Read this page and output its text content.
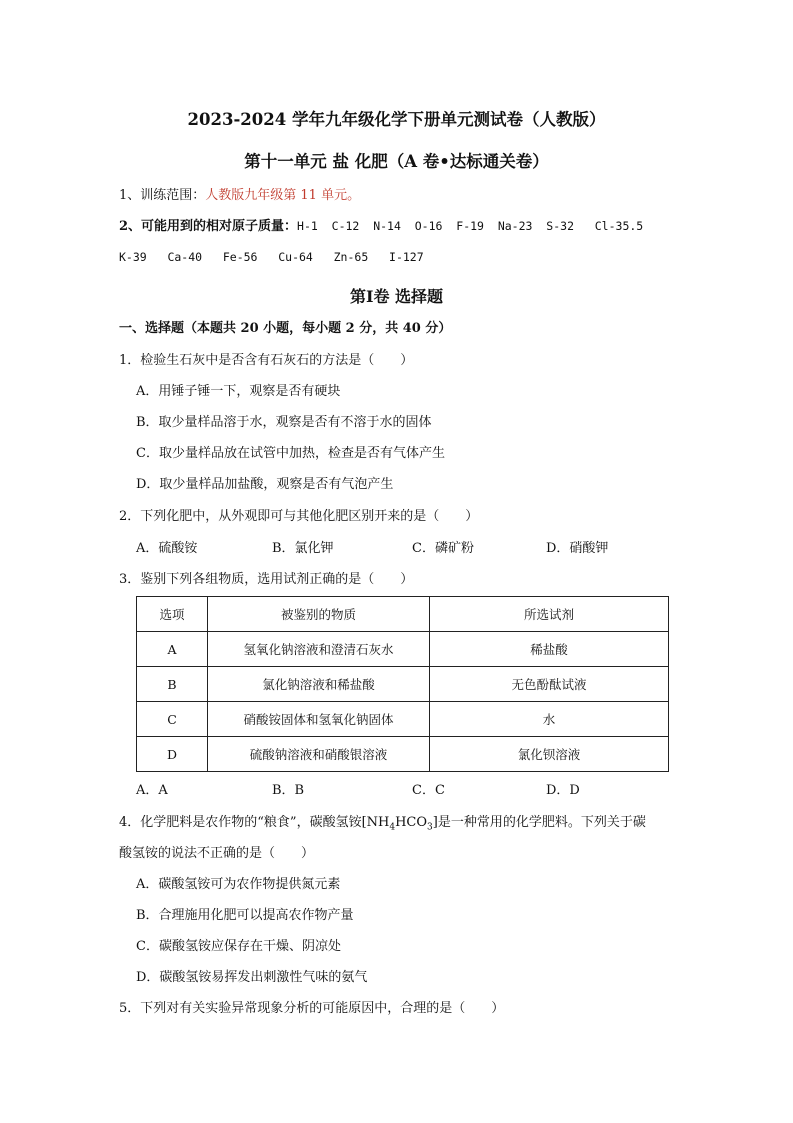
2023-2024 学年九年级化学下册单元测试卷（人教版）
第十一单元 盐 化肥（A 卷•达标通关卷）
1、训练范围：人教版九年级第 11 单元。
2、可能用到的相对原子质量：H-1  C-12  N-14  O-16  F-19  Na-23  S-32   Cl-35.5
K-39   Ca-40   Fe-56   Cu-64   Zn-65   I-127
第Ⅰ卷 选择题
一、选择题（本题共 20 小题，每小题 2 分，共 40 分）
1．检验生石灰中是否含有石灰石的方法是（　　）
A．用锤子锤一下，观察是否有硬块
B．取少量样品溶于水，观察是否有不溶于水的固体
C．取少量样品放在试管中加热，检查是否有气体产生
D．取少量样品加盐酸，观察是否有气泡产生
2．下列化肥中，从外观即可与其他化肥区别开来的是（　　）
A．硫酸铵	B．氯化钾	C．磷矿粉	D．硝酸钾
3．鉴别下列各组物质，选用试剂正确的是（　　）
选项	被鉴别的物质	所选试剂
A	氢氧化钠溶液和澄清石灰水	稀盐酸
B	氯化钠溶液和稀盐酸	无色酚酞试液
C	硝酸铵固体和氢氧化钠固体	水
D	硫酸钠溶液和硝酸银溶液	氯化钡溶液
A．A	B．B	C．C	D．D
4．化学肥料是农作物的“粮食”，碳酸氢铵$[NH_4HCO_3]$是一种常用的化学肥料。下列关于碳
酸氢铵的说法不正确的是（　　）
A．碳酸氢铵可为农作物提供氮元素
B．合理施用化肥可以提高农作物产量
C．碳酸氢铵应保存在干燥、阴凉处
D．碳酸氢铵易挥发出刺激性气味的氨气
5．下列对有关实验异常现象分析的可能原因中，合理的是（　　）
